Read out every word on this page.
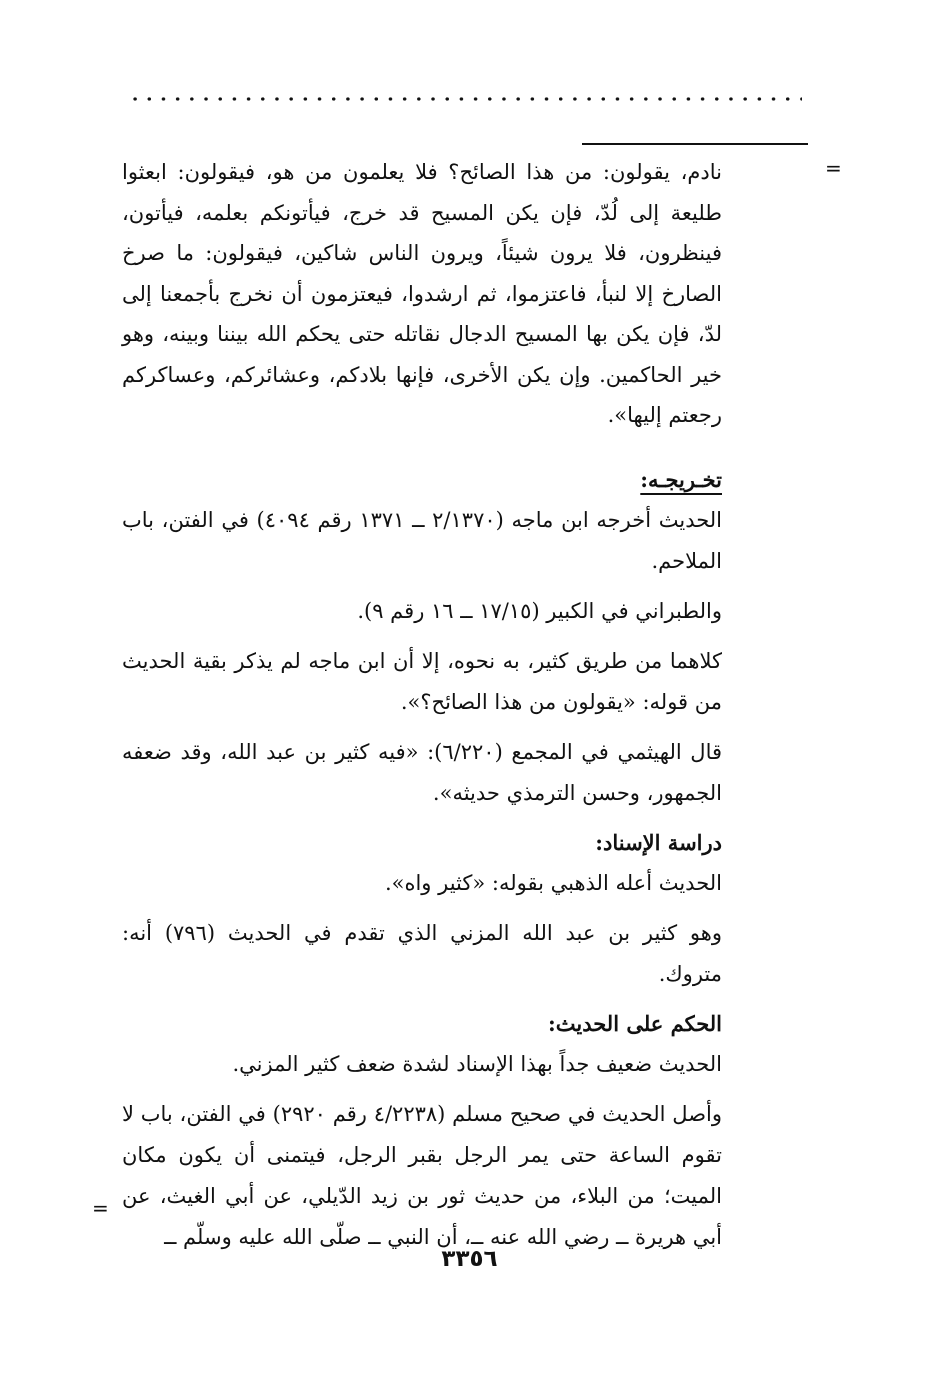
=

نادم، يقولون: من هذا الصائح؟ فلا يعلمون من هو، فيقولون: ابعثوا طليعة إلى لُدّ، فإن يكن المسيح قد خرج، فيأتونكم بعلمه، فيأتون، فينظرون، فلا يرون شيئاً، ويرون الناس شاكين، فيقولون: ما صرخ الصارخ إلا لنبأ، فاعتزموا، ثم ارشدوا، فيعتزمون أن نخرج بأجمعنا إلى لدّ، فإن يكن بها المسيح الدجال نقاتله حتى يحكم الله بيننا وبينه، وهو خير الحاكمين. وإن يكن الأخرى، فإنها بلادكم، وعشائركم، وعساكركم رجعتم إليها».

تخـريجـه:

الحديث أخرجه ابن ماجه (٢/١٣٧٠ ــ ١٣٧١ رقم ٤٠٩٤) في الفتن، باب الملاحم.

والطبراني في الكبير (١٧/١٥ ــ ١٦ رقم ٩).

كلاهما من طريق كثير، به نحوه، إلا أن ابن ماجه لم يذكر بقية الحديث من قوله: «يقولون من هذا الصائح؟».

قال الهيثمي في المجمع (٦/٢٢٠): «فيه كثير بن عبد الله، وقد ضعفه الجمهور، وحسن الترمذي حديثه».

دراسة الإسناد:

الحديث أعله الذهبي بقوله: «كثير واه».

وهو كثير بن عبد الله المزني الذي تقدم في الحديث (٧٩٦) أنه: متروك.

الحكم على الحديث:

الحديث ضعيف جداً بهذا الإسناد لشدة ضعف كثير المزني.

وأصل الحديث في صحيح مسلم (٤/٢٢٣٨ رقم ٢٩٢٠) في الفتن، باب لا تقوم الساعة حتى يمر الرجل بقبر الرجل، فيتمنى أن يكون مكان الميت؛ من البلاء، من حديث ثور بن زيد الدّيلي، عن أبي الغيث، عن أبي هريرة ــ رضي الله عنه ــ، أن النبي ــ صلّى الله عليه وسلّم ــ

=
٣٣٥٦
